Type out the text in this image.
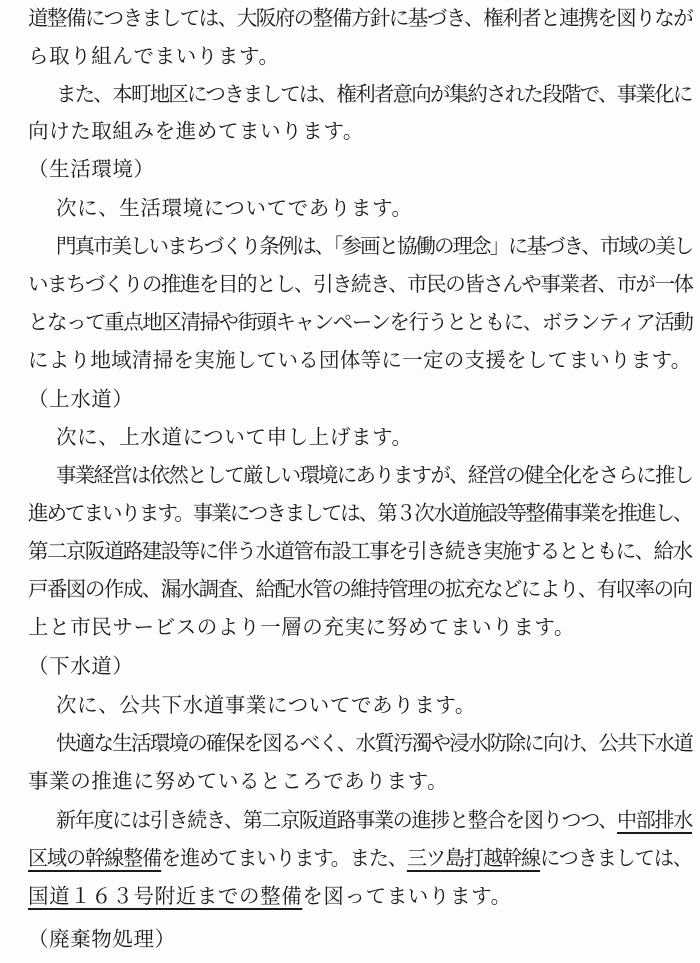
道整備につきましては、大阪府の整備方針に基づき、権利者と連携を図りなが
ら取り組んでまいります。
また、本町地区につきましては、権利者意向が集約された段階で、事業化に
向けた取組みを進めてまいります。
（生活環境）
次に、生活環境についてであります。
門真市美しいまちづくり条例は、「参画と協働の理念」に基づき、市域の美し
いまちづくりの推進を目的とし、引き続き、市民の皆さんや事業者、市が一体
となって重点地区清掃や街頭キャンペーンを行うとともに、ボランティア活動
により地域清掃を実施している団体等に一定の支援をしてまいります。
（上水道）
次に、上水道について申し上げます。
事業経営は依然として厳しい環境にありますが、経営の健全化をさらに推し
進めてまいります。事業につきましては、第３次水道施設等整備事業を推進し、
第二京阪道路建設等に伴う水道管布設工事を引き続き実施するとともに、給水
戸番図の作成、漏水調査、給配水管の維持管理の拡充などにより、有収率の向
上と市民サービスのより一層の充実に努めてまいります。
（下水道）
次に、公共下水道事業についてであります。
快適な生活環境の確保を図るべく、水質汚濁や浸水防除に向け、公共下水道
事業の推進に努めているところであります。
新年度には引き続き、第二京阪道路事業の進捗と整合を図りつつ、中部排水
区域の幹線整備を進めてまいります。また、三ツ島打越幹線につきましては、
国道１６３号附近までの整備を図ってまいります。
（廃棄物処理）
